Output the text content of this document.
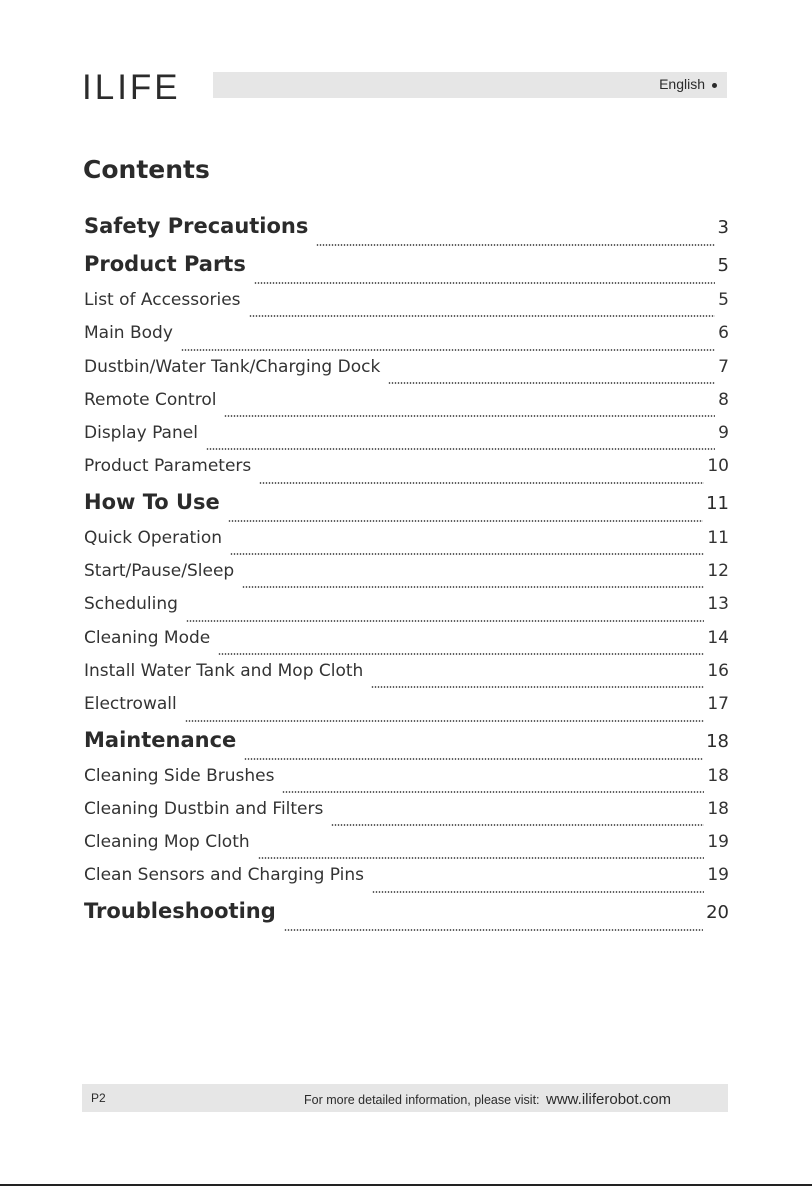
ILIFE	English
Contents
Safety Precautions	3
Product Parts	5
List of Accessories	5
Main Body	6
Dustbin/Water Tank/Charging Dock	7
Remote Control	8
Display Panel	9
Product Parameters	10
How To Use	11
Quick Operation	11
Start/Pause/Sleep	12
Scheduling	13
Cleaning Mode	14
Install Water Tank and Mop Cloth	16
Electrowall	17
Maintenance	18
Cleaning Side Brushes	18
Cleaning Dustbin and Filters	18
Cleaning Mop Cloth	19
Clean Sensors and Charging Pins	19
Troubleshooting	20
P2	For more detailed information, please visit: www.iliferobot.com
